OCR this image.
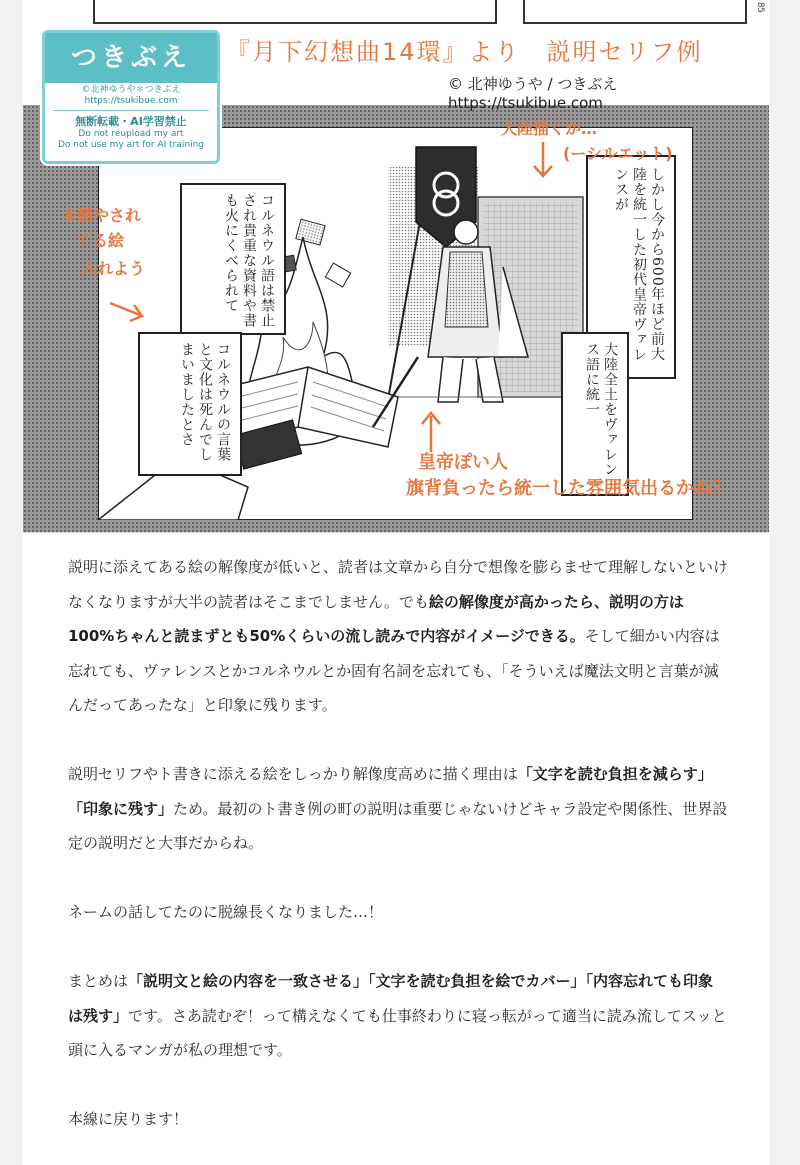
85
しかし今から600年ほど前大陸を統一した初代皇帝ヴァレンスが
大陸全土をヴァレンス語に統一
コルネウル語は禁止され貴重な資料や書も火にくべられて
コルネウルの言葉と文化は死んでしまいましたとさ
つきぶえ
©北神ゆうや＊つきぶえ
https://tsukibue.com
無断転載・AI学習禁止
Do not reupload my art
Do not use my art for AI training
『月下幻想曲14環』より　説明セリフ例
© 北神ゆうや / つきぶえ　https://tsukibue.com
大陸描くか…
(ーシルエット)
本燃やされ
てる絵
入れよう
皇帝ぽい人
旗背負ったら統一した雰囲気出るかね？

説明に添えてある絵の解像度が低いと、読者は文章から自分で想像を膨らませて理解しないといけなくなりますが大半の読者はそこまでしません。でも絵の解像度が高かったら、説明の方は100%ちゃんと読まずとも50%くらいの流し読みで内容がイメージできる。そして細かい内容は忘れても、ヴァレンスとかコルネウルとか固有名詞を忘れても、「そういえば魔法文明と言葉が滅んだってあったな」と印象に残ります。

説明セリフやト書きに添える絵をしっかり解像度高めに描く理由は「文字を読む負担を減らす」「印象に残す」ため。最初のト書き例の町の説明は重要じゃないけどキャラ設定や関係性、世界設定の説明だと大事だからね。

ネームの話してたのに脱線長くなりました…！

まとめは「説明文と絵の内容を一致させる」「文字を読む負担を絵でカバー」「内容忘れても印象は残す」です。さあ読むぞ！って構えなくても仕事終わりに寝っ転がって適当に読み流してスッと頭に入るマンガが私の理想です。

本線に戻ります！
